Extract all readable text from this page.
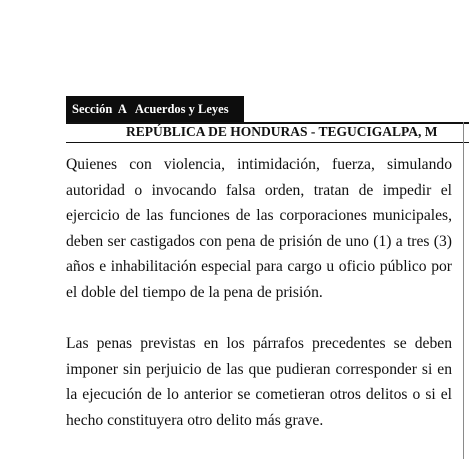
Sección  A   Acuerdos y Leyes
REPÚBLICA DE HONDURAS - TEGUCIGALPA, M

Quienes con violencia, intimidación, fuerza, simulando
autoridad o invocando falsa orden, tratan de impedir el
ejercicio de las funciones de las corporaciones municipales,
deben ser castigados con pena de prisión de uno (1) a tres (3)
años e inhabilitación especial para cargo u oficio público por
el doble del tiempo de la pena de prisión.

Las penas previstas en los párrafos precedentes se deben
imponer sin perjuicio de las que pudieran corresponder si en
la ejecución de lo anterior se cometieran otros delitos o si el
hecho constituyera otro delito más grave.
